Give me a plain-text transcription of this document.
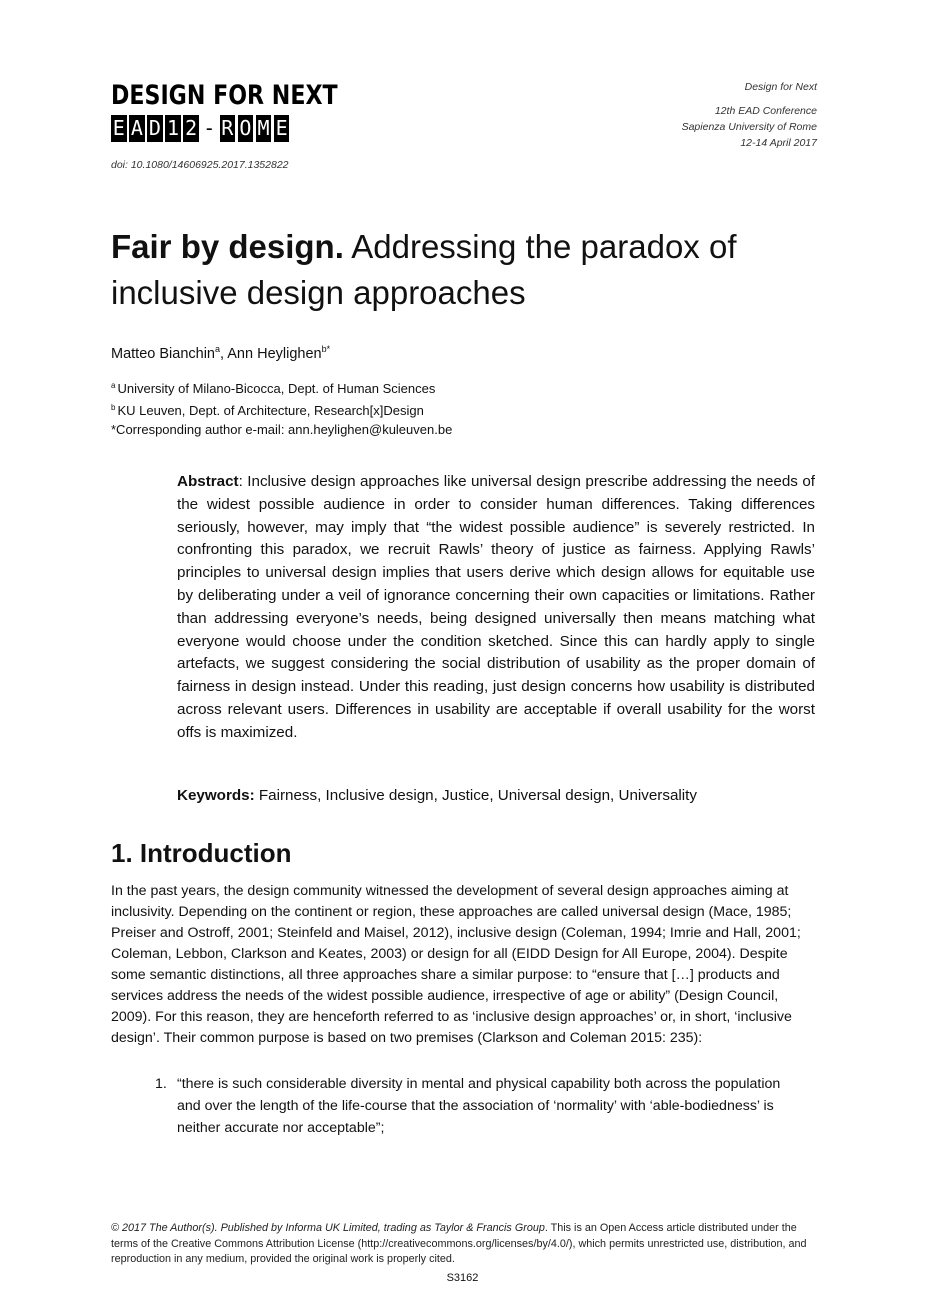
DESIGN FOR NEXT
E A D 1 2 - R O M E
doi: 10.1080/14606925.2017.1352822
Design for Next
12th EAD Conference
Sapienza University of Rome
12-14 April 2017
Fair by design. Addressing the paradox of inclusive design approaches
Matteo Bianchin$^a$, Ann Heylighen$^{b*}$
$^a$ University of Milano-Bicocca, Dept. of Human Sciences
$^b$ KU Leuven, Dept. of Architecture, Research[x]Design
*Corresponding author e-mail: ann.heylighen@kuleuven.be

Abstract: Inclusive design approaches like universal design prescribe addressing the needs of the widest possible audience in order to consider human differences. Taking differences seriously, however, may imply that “the widest possible audience” is severely restricted. In confronting this paradox, we recruit Rawls’ theory of justice as fairness. Applying Rawls’ principles to universal design implies that users derive which design allows for equitable use by deliberating under a veil of ignorance concerning their own capacities or limitations. Rather than addressing everyone’s needs, being designed universally then means matching what everyone would choose under the condition sketched. Since this can hardly apply to single artefacts, we suggest considering the social distribution of usability as the proper domain of fairness in design instead. Under this reading, just design concerns how usability is distributed across relevant users. Differences in usability are acceptable if overall usability for the worst offs is maximized.

Keywords: Fairness, Inclusive design, Justice, Universal design, Universality

1. Introduction

In the past years, the design community witnessed the development of several design approaches aiming at inclusivity. Depending on the continent or region, these approaches are called universal design (Mace, 1985; Preiser and Ostroff, 2001; Steinfeld and Maisel, 2012), inclusive design (Coleman, 1994; Imrie and Hall, 2001; Coleman, Lebbon, Clarkson and Keates, 2003) or design for all (EIDD Design for All Europe, 2004). Despite some semantic distinctions, all three approaches share a similar purpose: to “ensure that […] products and services address the needs of the widest possible audience, irrespective of age or ability” (Design Council, 2009). For this reason, they are henceforth referred to as ‘inclusive design approaches’ or, in short, ‘inclusive design’. Their common purpose is based on two premises (Clarkson and Coleman 2015: 235):

1. “there is such considerable diversity in mental and physical capability both across the population and over the length of the life-course that the association of ‘normality’ with ‘able-bodiedness’ is neither accurate nor acceptable”;

© 2017 The Author(s). Published by Informa UK Limited, trading as Taylor & Francis Group. This is an Open Access article distributed under the terms of the Creative Commons Attribution License (http://creativecommons.org/licenses/by/4.0/), which permits unrestricted use, distribution, and reproduction in any medium, provided the original work is properly cited.

S3162
